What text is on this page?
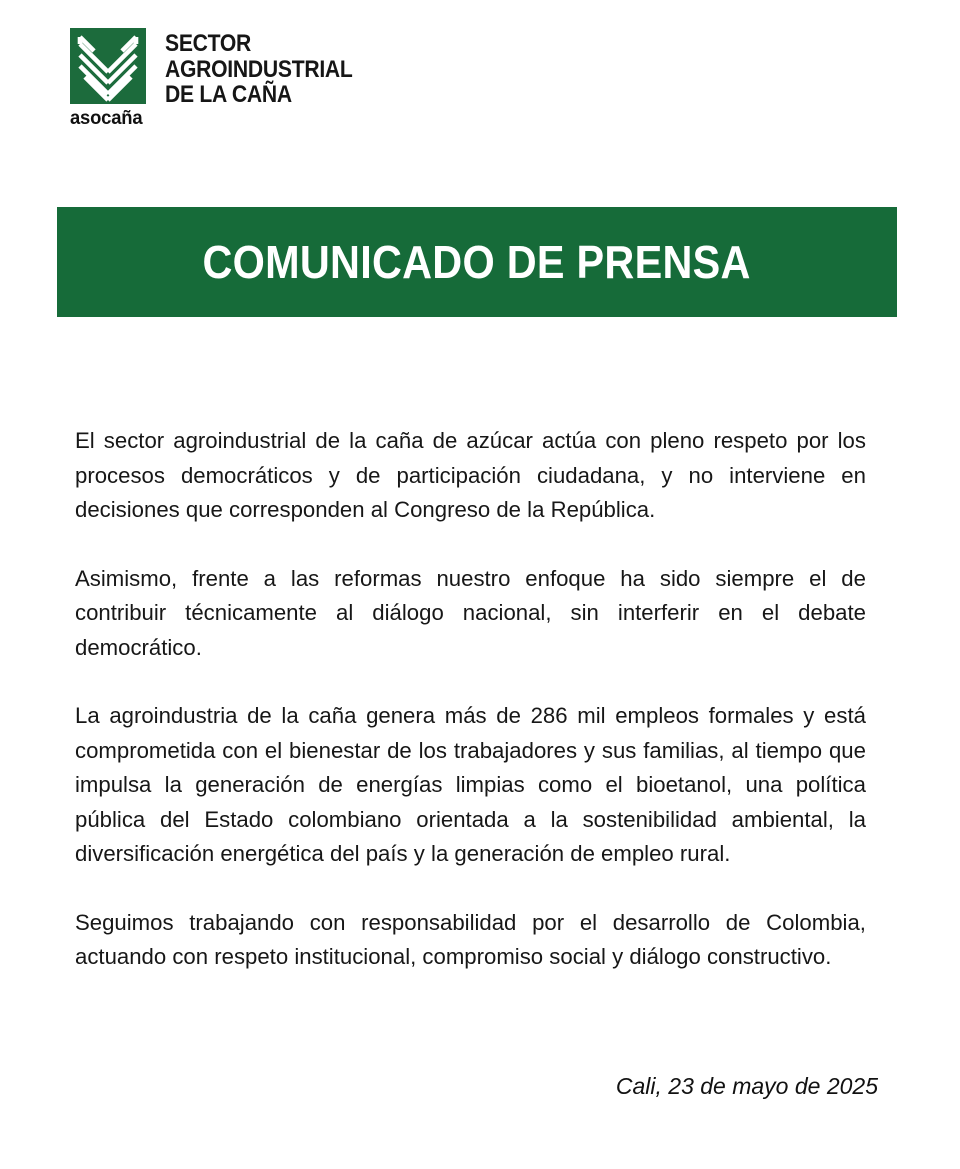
asocaña
SECTOR
AGROINDUSTRIAL
DE LA CAÑA
COMUNICADO DE PRENSA

El sector agroindustrial de la caña de azúcar actúa con pleno respeto por los procesos democráticos y de participación ciudadana, y no interviene en decisiones que corresponden al Congreso de la República.

Asimismo, frente a las reformas nuestro enfoque ha sido siempre el de contribuir técnicamente al diálogo nacional, sin interferir en el debate democrático.

La agroindustria de la caña genera más de 286 mil empleos formales y está comprometida con el bienestar de los trabajadores y sus familias, al tiempo que impulsa la generación de energías limpias como el bioetanol, una política pública del Estado colombiano orientada a la sostenibilidad ambiental, la diversificación energética del país y la generación de empleo rural.

Seguimos trabajando con responsabilidad por el desarrollo de Colombia, actuando con respeto institucional, compromiso social y diálogo constructivo.

Cali, 23 de mayo de 2025
